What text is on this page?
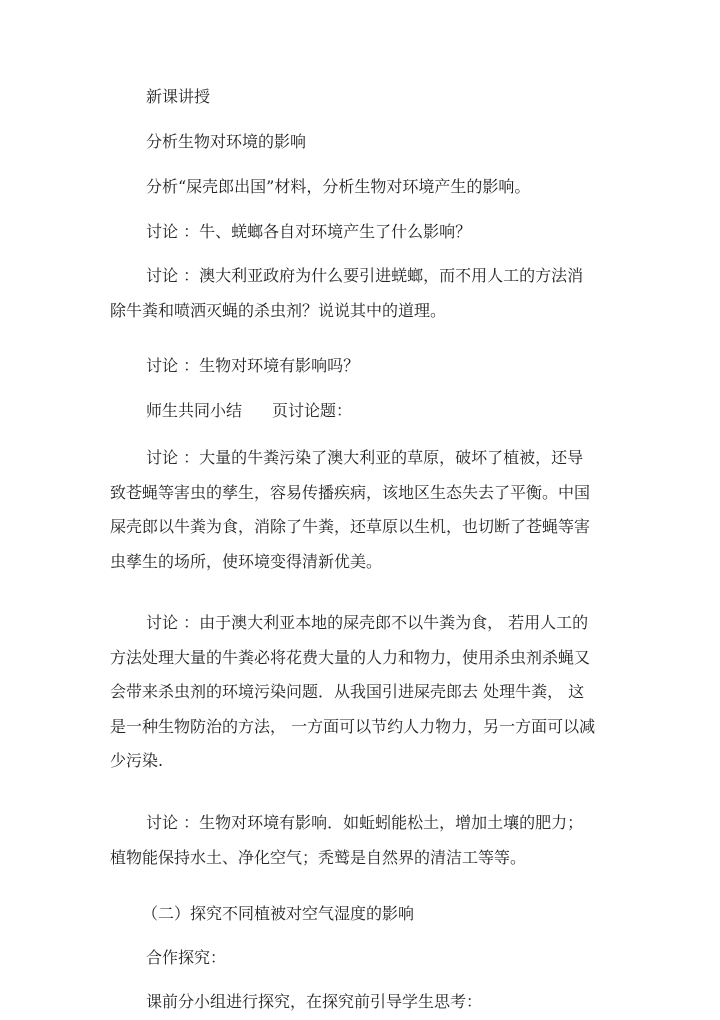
新课讲授

分析生物对环境的影响

分析“屎壳郎出国”材料，分析生物对环境产生的影响。

讨论 ：牛、蜣螂各自对环境产生了什么影响？

讨论 ：澳大利亚政府为什么要引进蜣螂，而不用人工的方法消
除牛粪和喷洒灭蝇的杀虫剂？说说其中的道理。

讨论 ：生物对环境有影响吗？

师生共同小结 页讨论题：

讨论 ：大量的牛粪污染了澳大利亚的草原，破坏了植被，还导
致苍蝇等害虫的孳生，容易传播疾病，该地区生态失去了平衡。中国
屎壳郎以牛粪为食，消除了牛粪，还草原以生机，也切断了苍蝇等害
虫孳生的场所，使环境变得清新优美。

讨论 ：由于澳大利亚本地的屎壳郎不以牛粪为食， 若用人工的
方法处理大量的牛粪必将花费大量的人力和物力，使用杀虫剂杀蝇又
会带来杀虫剂的环境污染问题．从我国引进屎壳郎去 处理牛粪， 这
是一种生物防治的方法， 一方面可以节约人力物力，另一方面可以减
少污染.

讨论 ：生物对环境有影响．如蚯蚓能松土，增加土壤的肥力；
植物能保持水土、净化空气；秃鹫是自然界的清洁工等等。

（二）探究不同植被对空气湿度的影响

合作探究：

课前分小组进行探究，在探究前引导学生思考：
